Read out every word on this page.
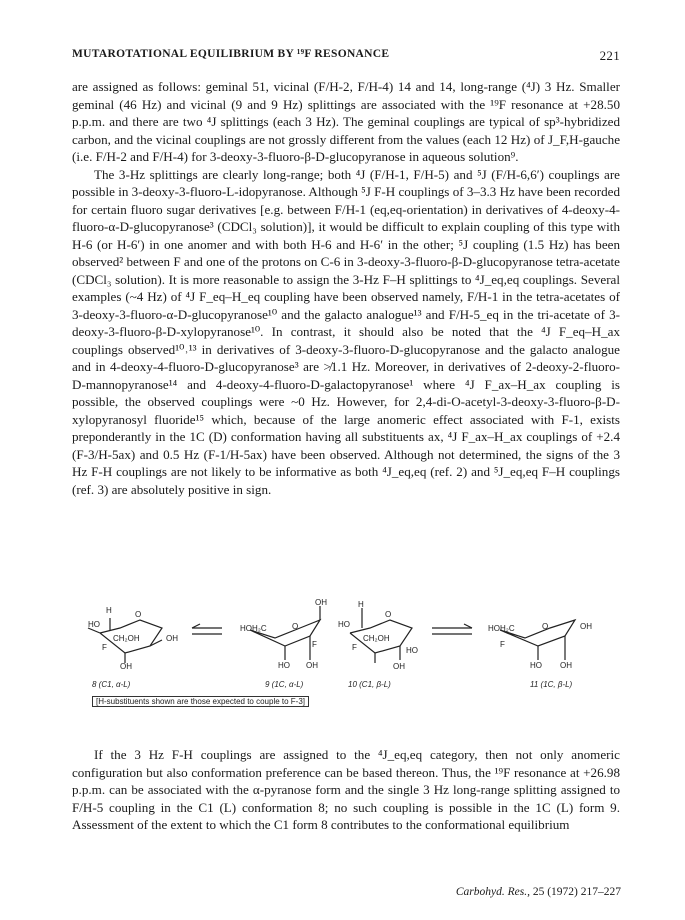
MUTAROTATIONAL EQUILIBRIUM BY ¹⁹F RESONANCE	221

are assigned as follows: geminal 51, vicinal (F/H-2, F/H-4) 14 and 14, long-range (⁴J) 3 Hz. Smaller geminal (46 Hz) and vicinal (9 and 9 Hz) splittings are associated with the ¹⁹F resonance at +28.50 p.p.m. and there are two ⁴J splittings (each 3 Hz). The geminal couplings are typical of sp³-hybridized carbon, and the vicinal couplings are not grossly different from the values (each 12 Hz) of J_F,H-gauche (i.e. F/H-2 and F/H-4) for 3-deoxy-3-fluoro-β-D-glucopyranose in aqueous solution⁹.

The 3-Hz splittings are clearly long-range; both ⁴J (F/H-1, F/H-5) and ⁵J (F/H-6,6′) couplings are possible in 3-deoxy-3-fluoro-L-idopyranose. Although ⁵J F-H couplings of 3–3.3 Hz have been recorded for certain fluoro sugar derivatives [e.g. between F/H-1 (eq,eq-orientation) in derivatives of 4-deoxy-4-fluoro-α-D-glucopyranose³ (CDCl₃ solution)], it would be difficult to explain coupling of this type with H-6 (or H-6′) in one anomer and with both H-6 and H-6′ in the other; ⁵J coupling (1.5 Hz) has been observed² between F and one of the protons on C-6 in 3-deoxy-3-fluoro-β-D-glucopyranose tetra-acetate (CDCl₃ solution). It is more reasonable to assign the 3-Hz F–H splittings to ⁴J_eq,eq couplings. Several examples (~4 Hz) of ⁴J F_eq–H_eq coupling have been observed namely, F/H-1 in the tetra-acetates of 3-deoxy-3-fluoro-α-D-glucopyranose¹⁰ and the galacto analogue¹³ and F/H-5_eq in the tri-acetate of 3-deoxy-3-fluoro-β-D-xylopyranose¹⁰. In contrast, it should also be noted that the ⁴J F_eq–H_ax couplings observed¹⁰˒¹³ in derivatives of 3-deoxy-3-fluoro-D-glucopyranose and the galacto analogue and in 4-deoxy-4-fluoro-D-glucopyranose³ are ≯1.1 Hz. Moreover, in derivatives of 2-deoxy-2-fluoro-D-mannopyranose¹⁴ and 4-deoxy-4-fluoro-D-galactopyranose¹ where ⁴J F_ax–H_ax coupling is possible, the observed couplings were ~0 Hz. However, for 2,4-di-O-acetyl-3-deoxy-3-fluoro-β-D-xylopyranosyl fluoride¹⁵ which, because of the large anomeric effect associated with F-1, exists preponderantly in the 1C (D) conformation having all substituents ax, ⁴J F_ax–H_ax couplings of +2.4 (F-3/H-5ax) and 0.5 Hz (F-1/H-5ax) have been observed. Although not determined, the signs of the 3 Hz F-H couplings are not likely to be informative as both ⁴J_eq,eq (ref. 2) and ⁵J_eq,eq F–H couplings (ref. 3) are absolutely positive in sign.

HO
H	O
OH
CH₂OH
F
OH
HOH₂C
OH
HO OH
O
F
HO
H
O
CH₂OH
F	HO
OH
HOH₂C	O	OH
F
HO OH
8 (C1, α-L)	9 (1C, α-L)	10 (C1, β-L)	11 (1C, β-L)
[H-substituents shown are those expected to couple to F-3]

If the 3 Hz F-H couplings are assigned to the ⁴J_eq,eq category, then not only anomeric configuration but also conformation preference can be based thereon. Thus, the ¹⁹F resonance at +26.98 p.p.m. can be associated with the α-pyranose form and the single 3 Hz long-range splitting assigned to F/H-5 coupling in the C1 (L) conformation 8; no such coupling is possible in the 1C (L) form 9. Assessment of the extent to which the C1 form 8 contributes to the conformational equilibrium

Carbohyd. Res., 25 (1972) 217–227
